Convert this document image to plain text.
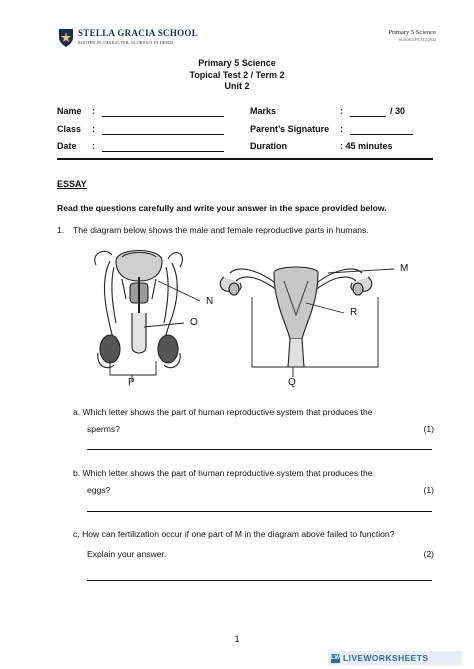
STELLA GRACIA SCHOOL
ROOTED IN CHARACTER, GLORIOUS IN DEEDS
Primary 5 Science
SGS/SCI/P5/TT2/2022
Primary 5 Science
Topical Test 2 / Term 2
Unit 2
Name :
Class :
Date :
Marks	:	/ 30
Parent’s Signature :
Duration	: 45 minutes
ESSAY
Read the questions carefully and write your answer in the space provided below.
1. The diagram below shows the male and female reproductive parts in humans.
N
O
P
M
R
Q
a. Which letter shows the part of human reproductive system that produces the
sperms?	(1)
b. Which letter shows the part of human reproductive system that produces the
eggs?	(1)
c. How can fertilization occur if one part of M in the diagram above failed to function?
Explain your answer.	(2)
1
LW LIVEWORKSHEETS
